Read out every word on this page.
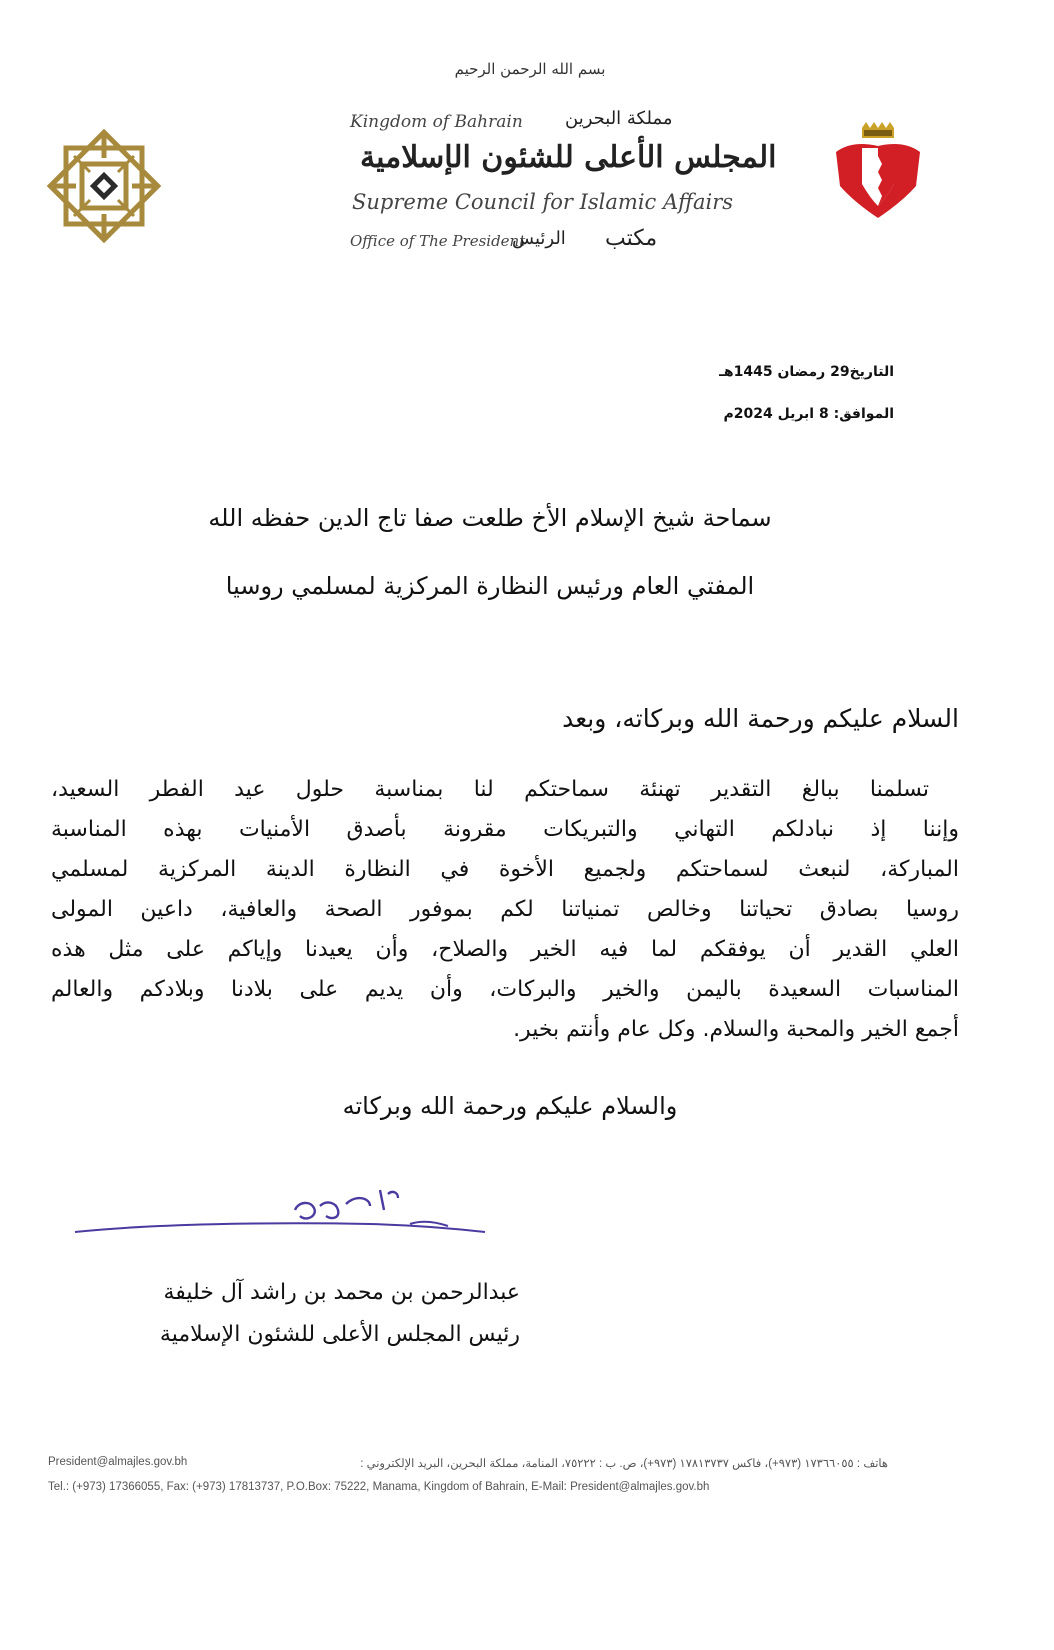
بسم الله الرحمن الرحيم
Kingdom of Bahrain مملكة البحرين
المجلس الأعلى للشئون الإسلامية
Supreme Council for Islamic Affairs
Office of The President
الرئيس مكتب
التاريخ29 رمضان 1445هـ
الموافق: 8 ابريل 2024م
سماحة شيخ الإسلام الأخ طلعت صفا تاج الدين حفظه الله
المفتي العام ورئيس النظارة المركزية لمسلمي روسيا
السلام عليكم ورحمة الله وبركاته، وبعد
تسلمنا ببالغ التقدير تهنئة سماحتكم لنا بمناسبة حلول عيد الفطر السعيد،
وإننا إذ نبادلكم التهاني والتبريكات مقرونة بأصدق الأمنيات بهذه المناسبة
المباركة، لنبعث لسماحتكم ولجميع الأخوة في النظارة الدينة المركزية لمسلمي
روسيا بصادق تحياتنا وخالص تمنياتنا لكم بموفور الصحة والعافية، داعين المولى
العلي القدير أن يوفقكم لما فيه الخير والصلاح، وأن يعيدنا وإياكم على مثل هذه
المناسبات السعيدة باليمن والخير والبركات، وأن يديم على بلادنا وبلادكم والعالم
أجمع الخير والمحبة والسلام. وكل عام وأنتم بخير.
والسلام عليكم ورحمة الله وبركاته
عبدالرحمن بن محمد بن راشد آل خليفة
رئيس المجلس الأعلى للشئون الإسلامية
President@almajles.gov.bh	هاتف : ١٧٣٦٦٠٥٥ (٩٧٣+)، فاكس ١٧٨١٣٧٣٧ (٩٧٣+)، ص. ب : ٧٥٢٢٢، المنامة، مملكة البحرين، البريد الإلكتروني :
Tel.: (+973) 17366055, Fax: (+973) 17813737, P.O.Box: 75222, Manama, Kingdom of Bahrain, E-Mail: President@almajles.gov.bh
